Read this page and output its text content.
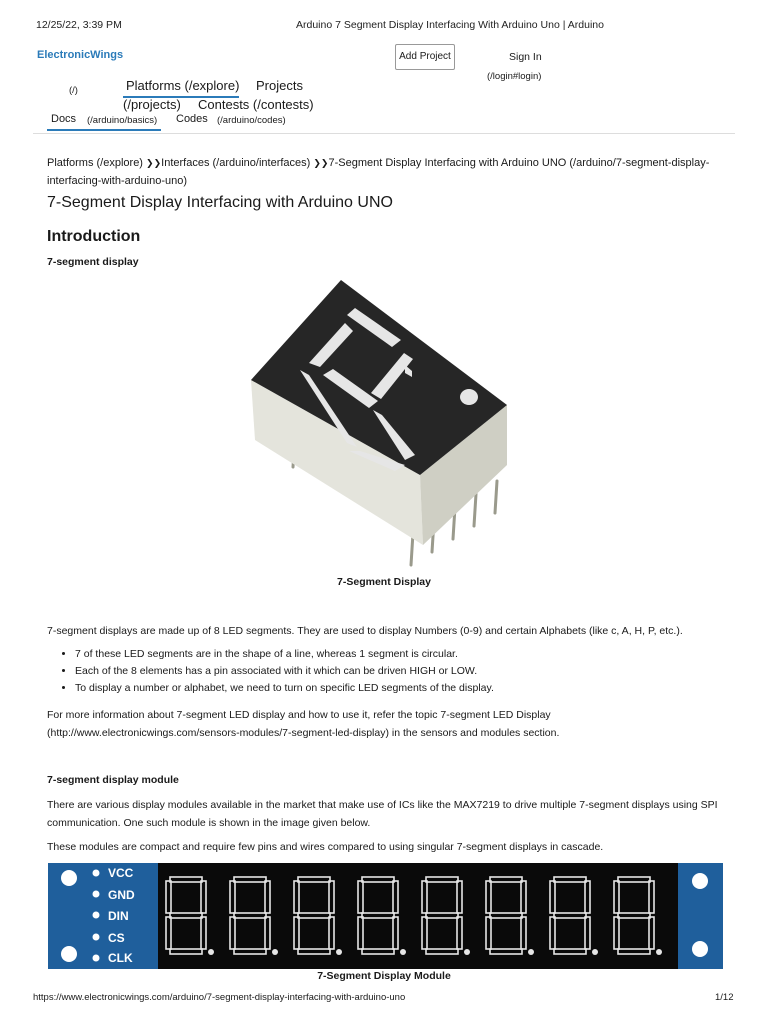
12/25/22, 3:39 PM	Arduino 7 Segment Display Interfacing With Arduino Uno | Arduino
ElectronicWings	Add Project	Sign In
(/login#login)
(/)	Platforms (/explore) Projects
(/projects) Contests (/contests)
Docs (/arduino/basics) Codes (/arduino/codes)
Platforms (/explore) ❯❯Interfaces (/arduino/interfaces) ❯❯7-Segment Display Interfacing with Arduino UNO (/arduino/7-segment-display-interfacing-with-arduino-uno)
7-Segment Display Interfacing with Arduino UNO
Introduction
7-segment display
7-Segment Display
7-segment displays are made up of 8 LED segments. They are used to display Numbers (0-9) and certain Alphabets (like c, A, H, P, etc.).
• 7 of these LED segments are in the shape of a line, whereas 1 segment is circular.
• Each of the 8 elements has a pin associated with it which can be driven HIGH or LOW.
• To display a number or alphabet, we need to turn on specific LED segments of the display.
For more information about 7-segment LED display and how to use it, refer the topic 7-segment LED Display (http://www.electronicwings.com/sensors-modules/7-segment-led-display) in the sensors and modules section.
7-segment display module
There are various display modules available in the market that make use of ICs like the MAX7219 to drive multiple 7-segment displays using SPI communication. One such module is shown in the image given below.
These modules are compact and require few pins and wires compared to using singular 7-segment displays in cascade.
VCC
GND
DIN
CS
CLK
7-Segment Display Module
https://www.electronicwings.com/arduino/7-segment-display-interfacing-with-arduino-uno	1/12
